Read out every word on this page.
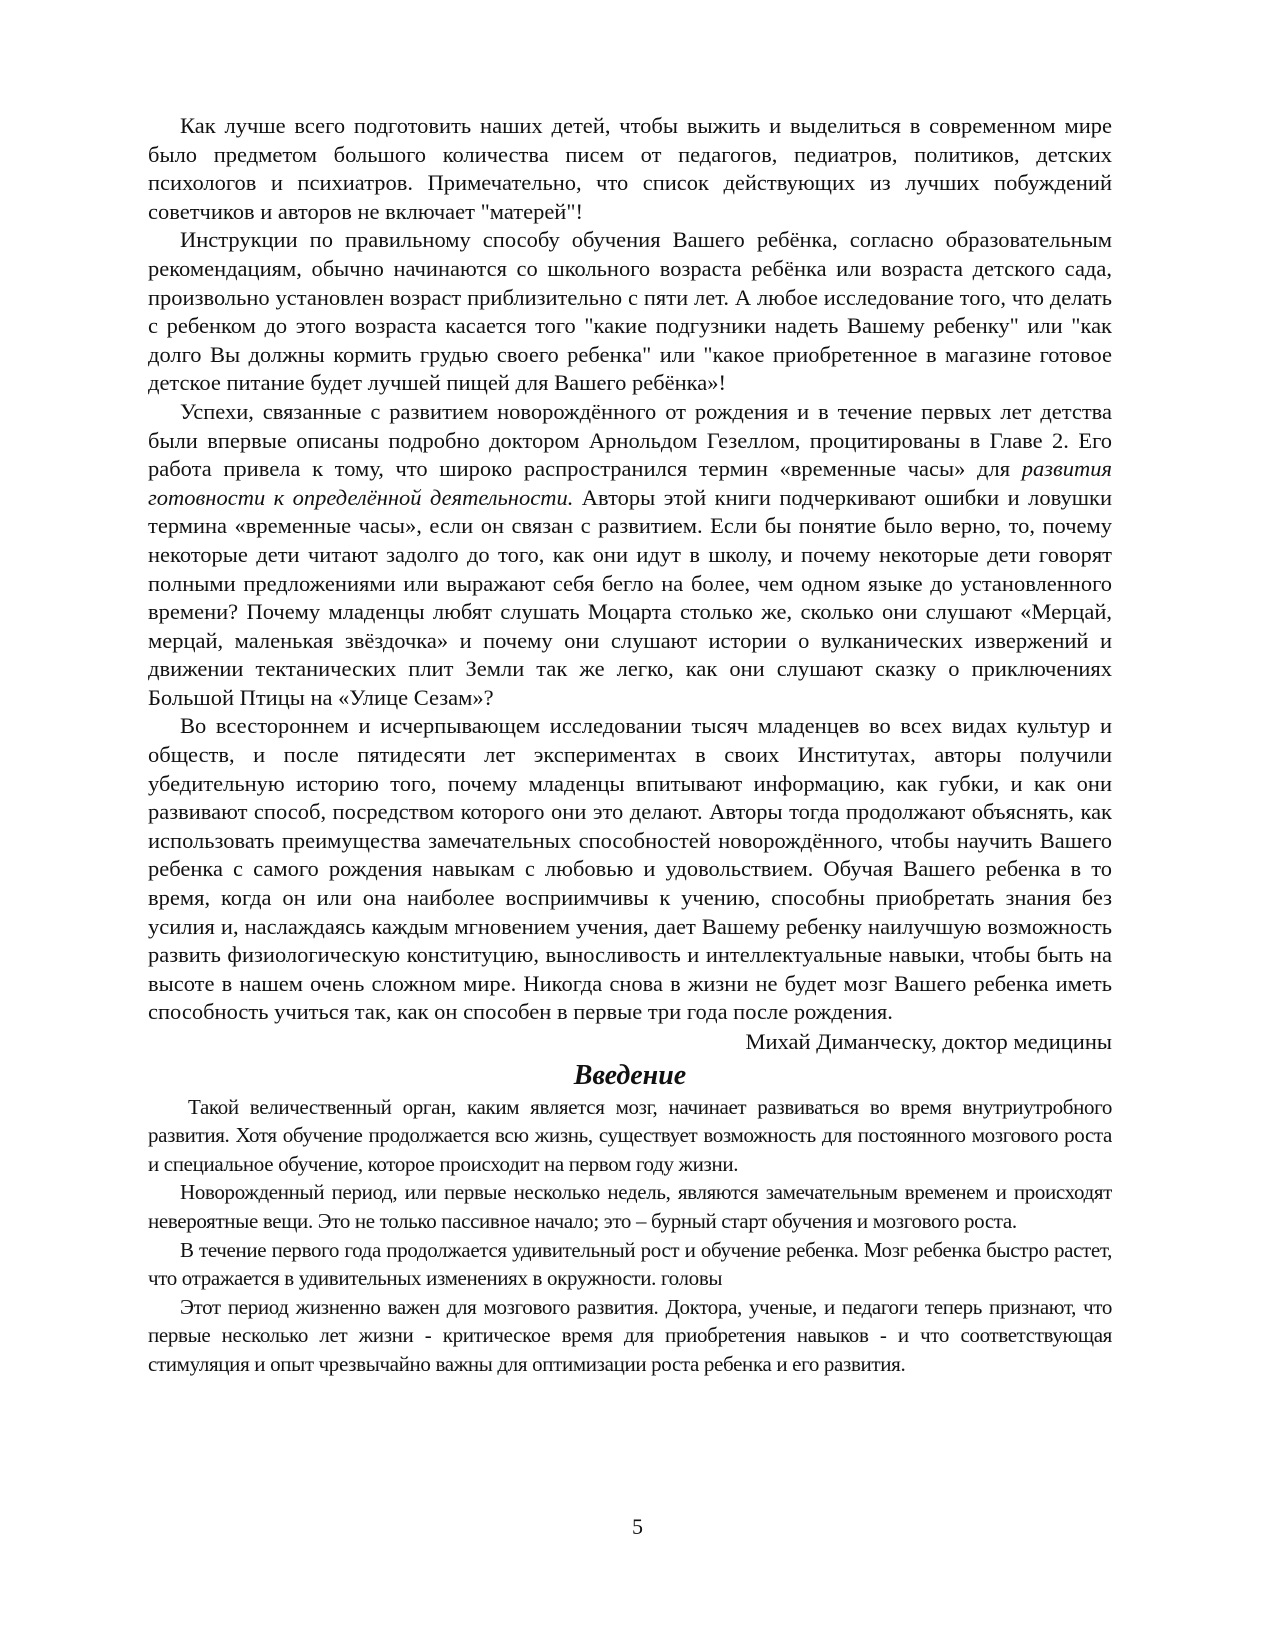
Как лучше всего подготовить наших детей, чтобы выжить и выделиться в современном мире было предметом большого количества писем от педагогов, педиатров, политиков, детских психологов и психиатров. Примечательно, что список действующих из лучших побуждений советчиков и авторов не включает "матерей"!

Инструкции по правильному способу обучения Вашего ребёнка, согласно образовательным рекомендациям, обычно начинаются со школьного возраста ребёнка или возраста детского сада, произвольно установлен возраст приблизительно с пяти лет. А любое исследование того, что делать с ребенком до этого возраста касается того "какие подгузники надеть Вашему ребенку" или "как долго Вы должны кормить грудью своего ребенка" или "какое приобретенное в магазине готовое детское питание будет лучшей пищей для Вашего ребёнка»!

Успехи, связанные с развитием новорождённого от рождения и в течение первых лет детства были впервые описаны подробно доктором Арнольдом Гезеллом, процитированы в Главе 2. Его работа привела к тому, что широко распространился термин «временные часы» для развития готовности к определённой деятельности. Авторы этой книги подчеркивают ошибки и ловушки термина «временные часы», если он связан с развитием. Если бы понятие было верно, то, почему некоторые дети читают задолго до того, как они идут в школу, и почему некоторые дети говорят полными предложениями или выражают себя бегло на более, чем одном языке до установленного времени? Почему младенцы любят слушать Моцарта столько же, сколько они слушают «Мерцай, мерцай, маленькая звёздочка» и почему они слушают истории о вулканических извержений и движении тектанических плит Земли так же легко, как они слушают сказку о приключениях Большой Птицы на «Улице Сезам»?

Во всестороннем и исчерпывающем исследовании тысяч младенцев во всех видах культур и обществ, и после пятидесяти лет экспериментах в своих Институтах, авторы получили убедительную историю того, почему младенцы впитывают информацию, как губки, и как они развивают способ, посредством которого они это делают. Авторы тогда продолжают объяснять, как использовать преимущества замечательных способностей новорождённого, чтобы научить Вашего ребенка с самого рождения навыкам с любовью и удовольствием. Обучая Вашего ребенка в то время, когда он или она наиболее восприимчивы к учению, способны приобретать знания без усилия и, наслаждаясь каждым мгновением учения, дает Вашему ребенку наилучшую возможность развить физиологическую конституцию, выносливость и интеллектуальные навыки, чтобы быть на высоте в нашем очень сложном мире. Никогда снова в жизни не будет мозг Вашего ребенка иметь способность учиться так, как он способен в первые три года после рождения.

Михай Диманческу, доктор медицины

Введение

Такой величественный орган, каким является мозг, начинает развиваться во время внутриутробного развития. Хотя обучение продолжается всю жизнь, существует возможность для постоянного мозгового роста и специальное обучение, которое происходит на первом году жизни.

Новорожденный период, или первые несколько недель, являются замечательным временем и происходят невероятные вещи. Это не только пассивное начало; это – бурный старт обучения и мозгового роста.

В течение первого года продолжается удивительный рост и обучение ребенка. Мозг ребенка быстро растет, что отражается в удивительных изменениях в окружности. головы

Этот период жизненно важен для мозгового развития. Доктора, ученые, и педагоги теперь признают, что первые несколько лет жизни - критическое время для приобретения навыков - и что соответствующая стимуляция и опыт чрезвычайно важны для оптимизации роста ребенка и его развития.

5
